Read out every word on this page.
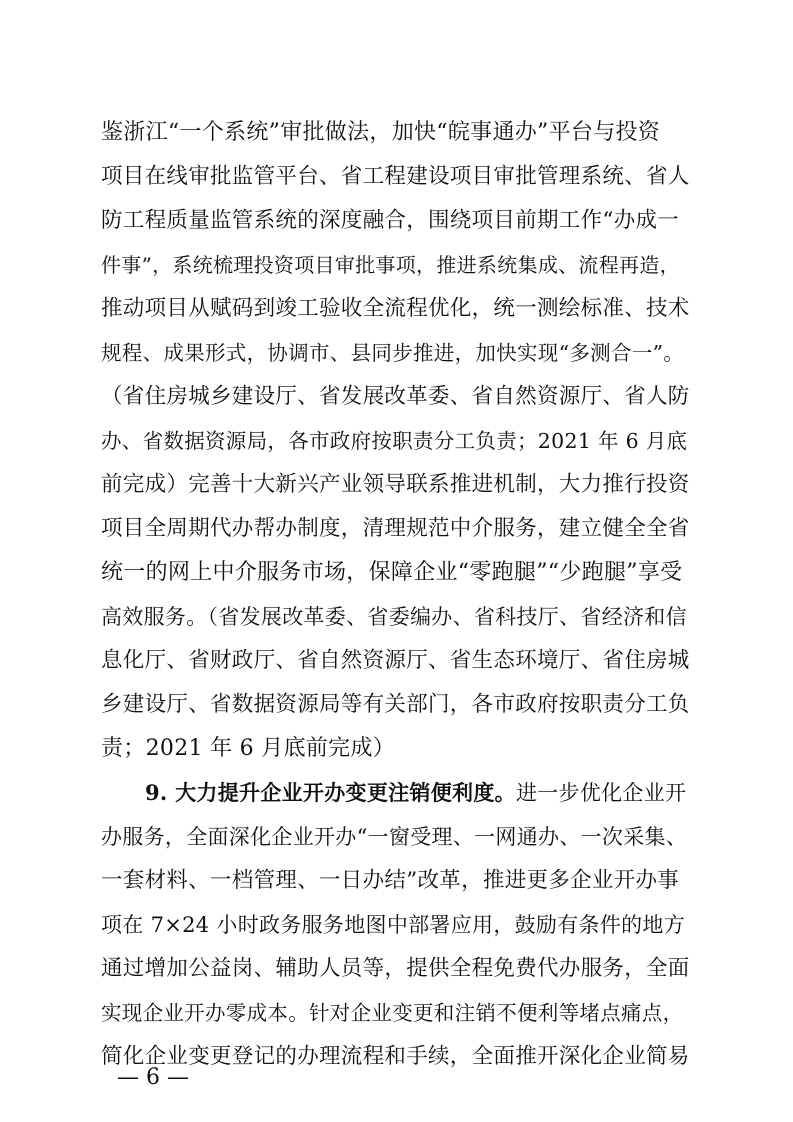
鉴浙江“一个系统”审批做法，加快“皖事通办”平台与投资
项目在线审批监管平台、省工程建设项目审批管理系统、省人
防工程质量监管系统的深度融合，围绕项目前期工作“办成一
件事”，系统梳理投资项目审批事项，推进系统集成、流程再造，
推动项目从赋码到竣工验收全流程优化，统一测绘标准、技术
规程、成果形式，协调市、县同步推进，加快实现“多测合一”。
（省住房城乡建设厅、省发展改革委、省自然资源厅、省人防
办、省数据资源局，各市政府按职责分工负责；2021 年 6 月底
前完成）完善十大新兴产业领导联系推进机制，大力推行投资
项目全周期代办帮办制度，清理规范中介服务，建立健全全省
统一的网上中介服务市场，保障企业“零跑腿”“少跑腿”享受
高效服务。（省发展改革委、省委编办、省科技厅、省经济和信
息化厅、省财政厅、省自然资源厅、省生态环境厅、省住房城
乡建设厅、省数据资源局等有关部门，各市政府按职责分工负
责；2021 年 6 月底前完成）
9. 大力提升企业开办变更注销便利度。进一步优化企业开
办服务，全面深化企业开办“一窗受理、一网通办、一次采集、
一套材料、一档管理、一日办结”改革，推进更多企业开办事
项在 7×24 小时政务服务地图中部署应用，鼓励有条件的地方
通过增加公益岗、辅助人员等，提供全程免费代办服务，全面
实现企业开办零成本。针对企业变更和注销不便利等堵点痛点，
简化企业变更登记的办理流程和手续，全面推开深化企业简易
— 6 —
